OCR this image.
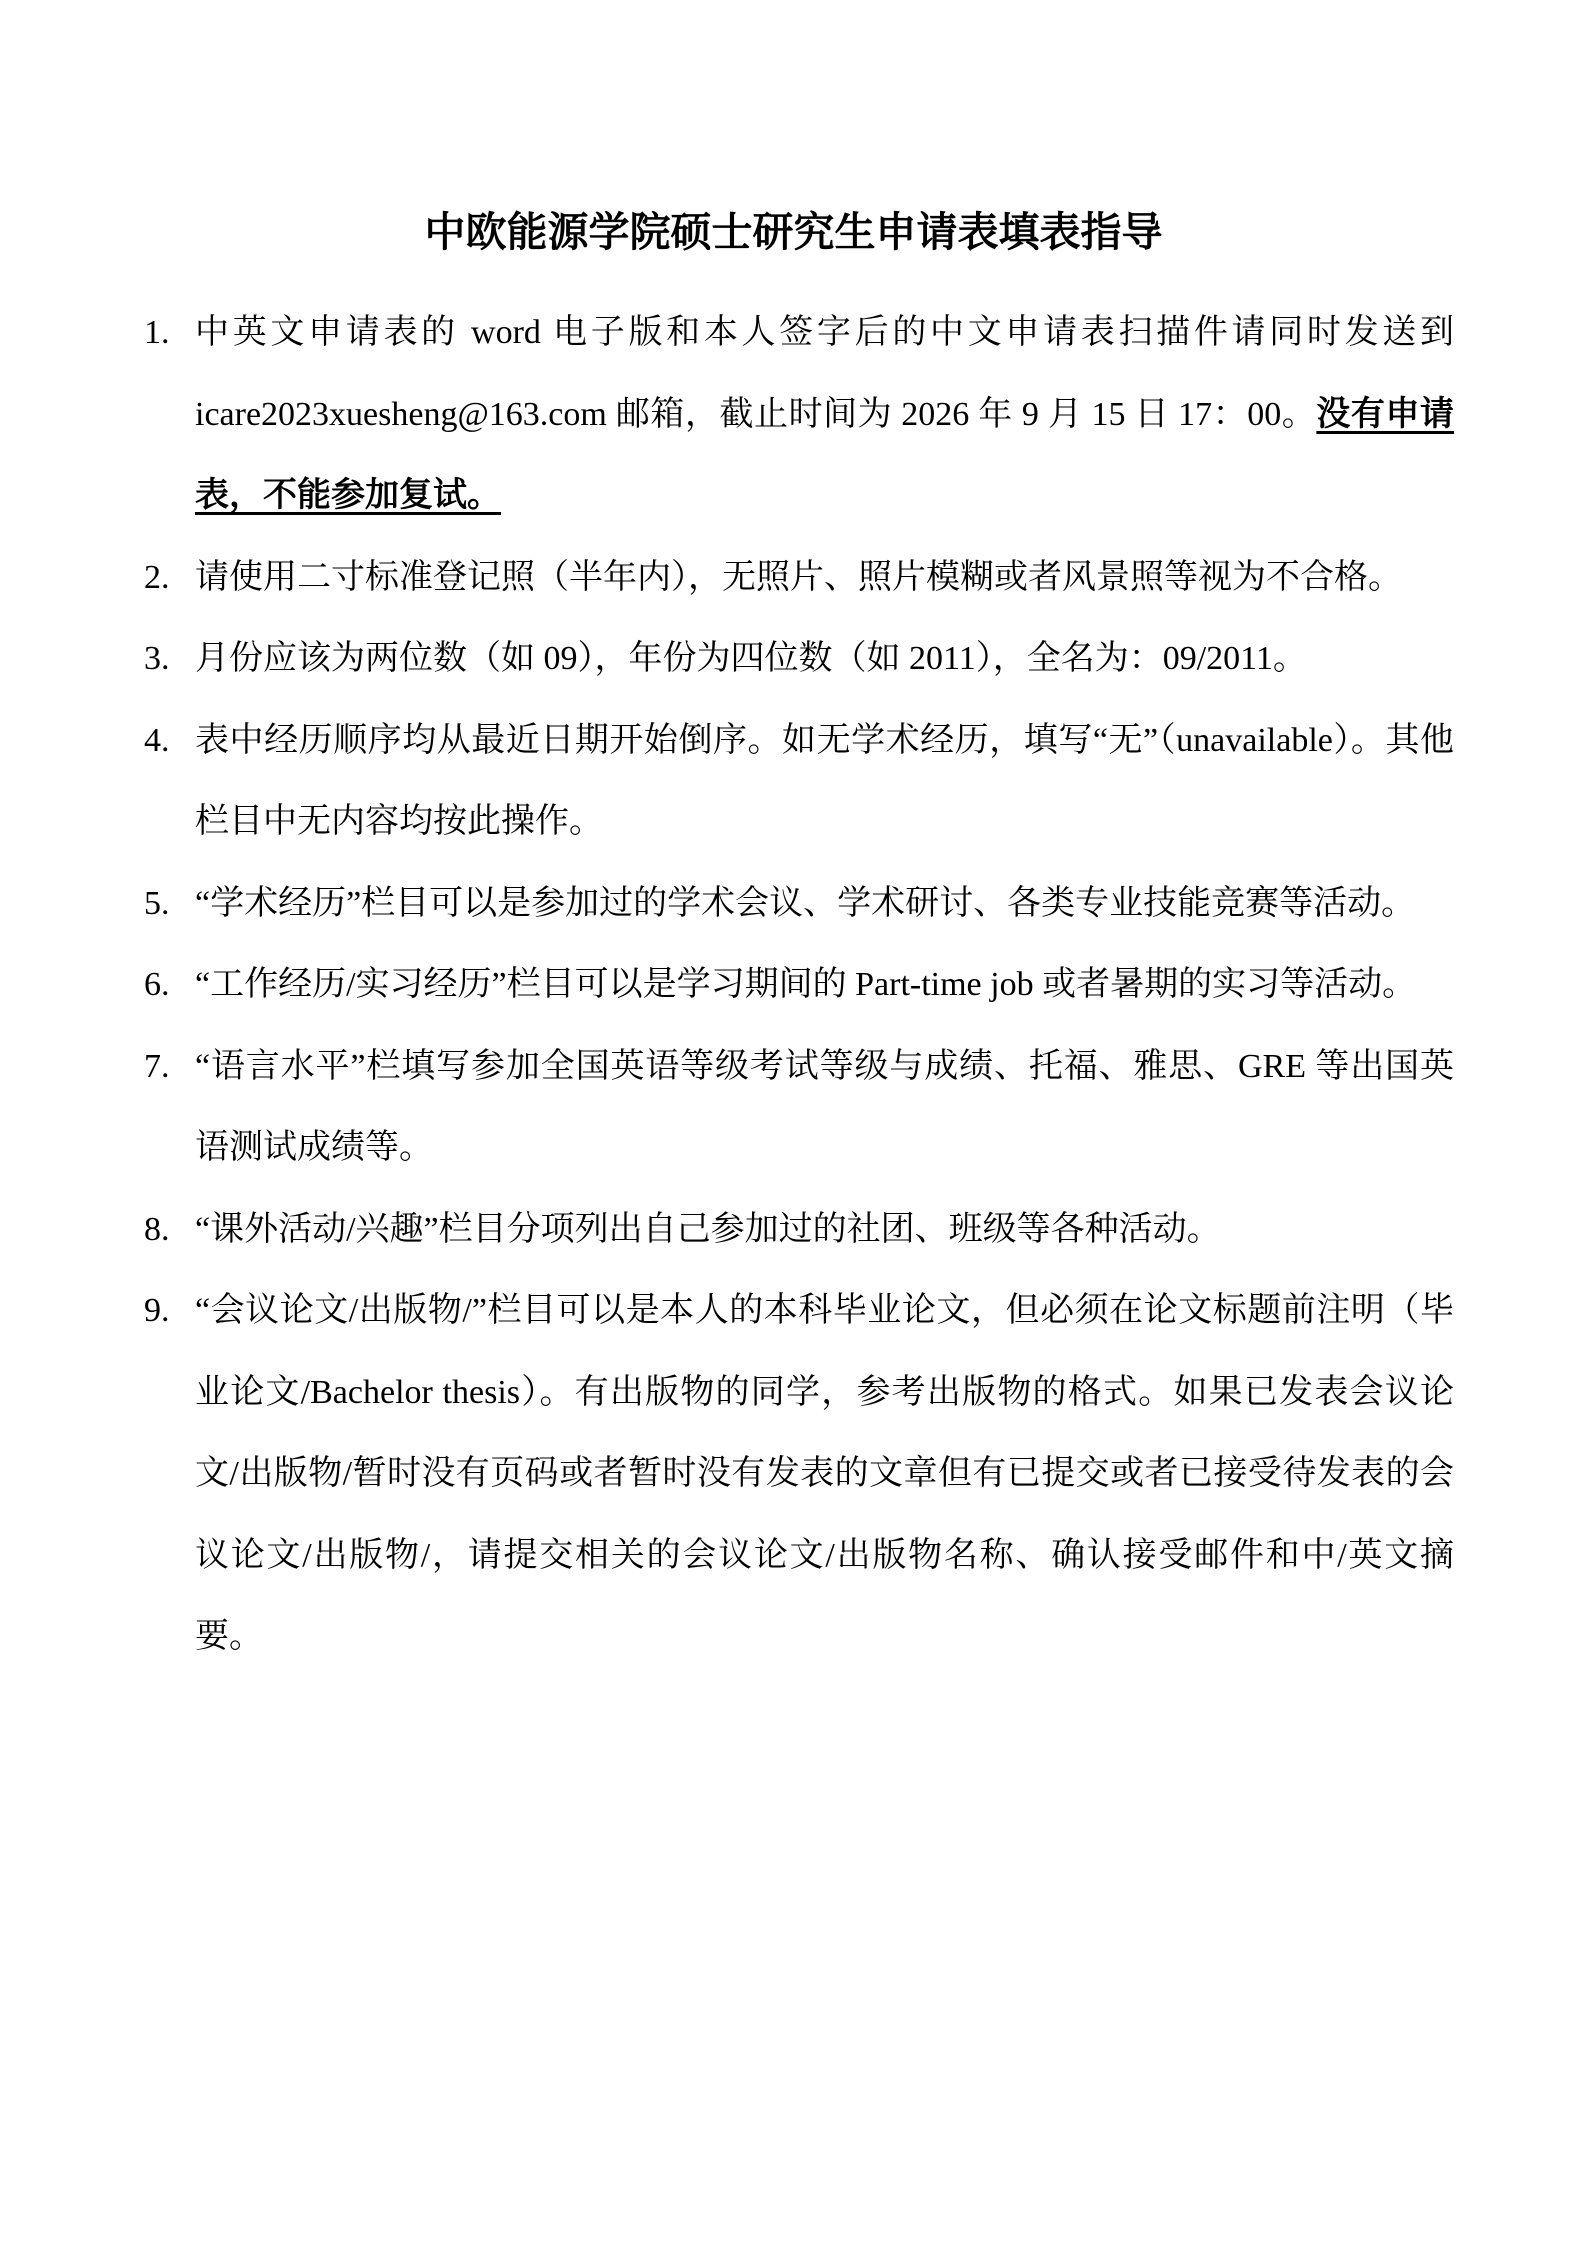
中欧能源学院硕士研究生申请表填表指导
1. 中英文申请表的 word 电子版和本人签字后的中文申请表扫描件请同时发送到 icare2023xuesheng@163.com 邮箱，截止时间为 2026 年 9 月 15 日 17：00。没有申请表，不能参加复试。
2. 请使用二寸标准登记照（半年内），无照片、照片模糊或者风景照等视为不合格。
3. 月份应该为两位数（如 09），年份为四位数（如 2011），全名为：09/2011。
4. 表中经历顺序均从最近日期开始倒序。如无学术经历，填写“无”（unavailable）。其他栏目中无内容均按此操作。
5. “学术经历”栏目可以是参加过的学术会议、学术研讨、各类专业技能竞赛等活动。
6. “工作经历/实习经历”栏目可以是学习期间的 Part-time job 或者暑期的实习等活动。
7. “语言水平”栏填写参加全国英语等级考试等级与成绩、托福、雅思、GRE 等出国英语测试成绩等。
8. “课外活动/兴趣”栏目分项列出自己参加过的社团、班级等各种活动。
9. “会议论文/出版物/”栏目可以是本人的本科毕业论文，但必须在论文标题前注明（毕业论文/Bachelor thesis）。有出版物的同学，参考出版物的格式。如果已发表会议论文/出版物/暂时没有页码或者暂时没有发表的文章但有已提交或者已接受待发表的会议论文/出版物/，请提交相关的会议论文/出版物名称、确认接受邮件和中/英文摘要。
